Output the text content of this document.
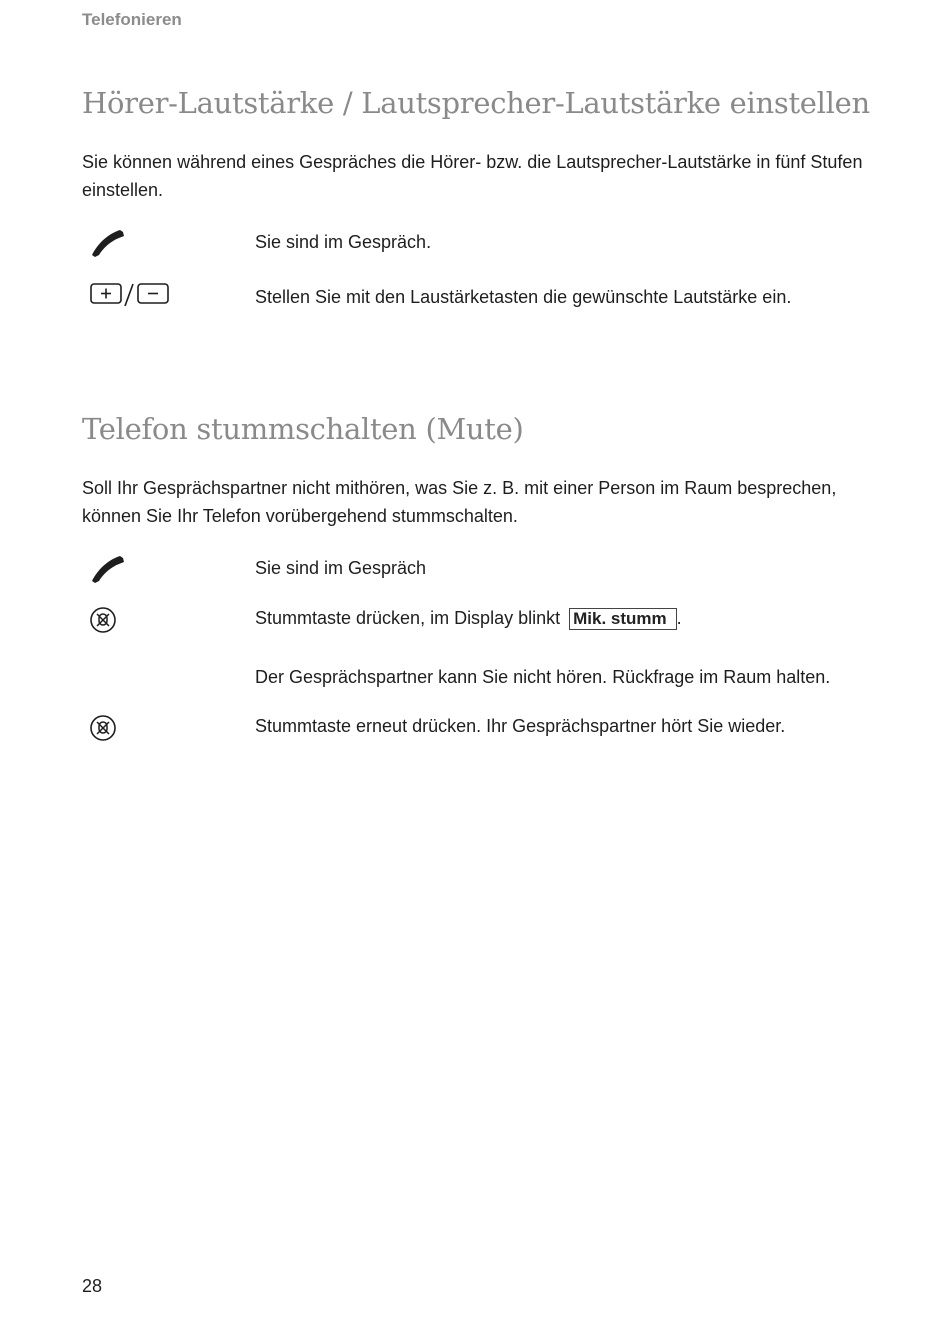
Telefonieren
Hörer-Lautstärke / Lautsprecher-Lautstärke einstellen

Sie können während eines Gespräches die Hörer- bzw. die Lautsprecher-Lautstärke in fünf Stufen einstellen.

Sie sind im Gespräch.
Stellen Sie mit den Laustärketasten die gewünschte Lautstärke ein.
Telefon stummschalten (Mute)

Soll Ihr Gesprächspartner nicht mithören, was Sie z. B. mit einer Person im Raum besprechen, können Sie Ihr Telefon vorübergehend stummschalten.

Sie sind im Gespräch
Stummtaste drücken, im Display blinkt Mik. stumm .
Der Gesprächspartner kann Sie nicht hören. Rückfrage im Raum halten.
Stummtaste erneut drücken. Ihr Gesprächspartner hört Sie wieder.
28
